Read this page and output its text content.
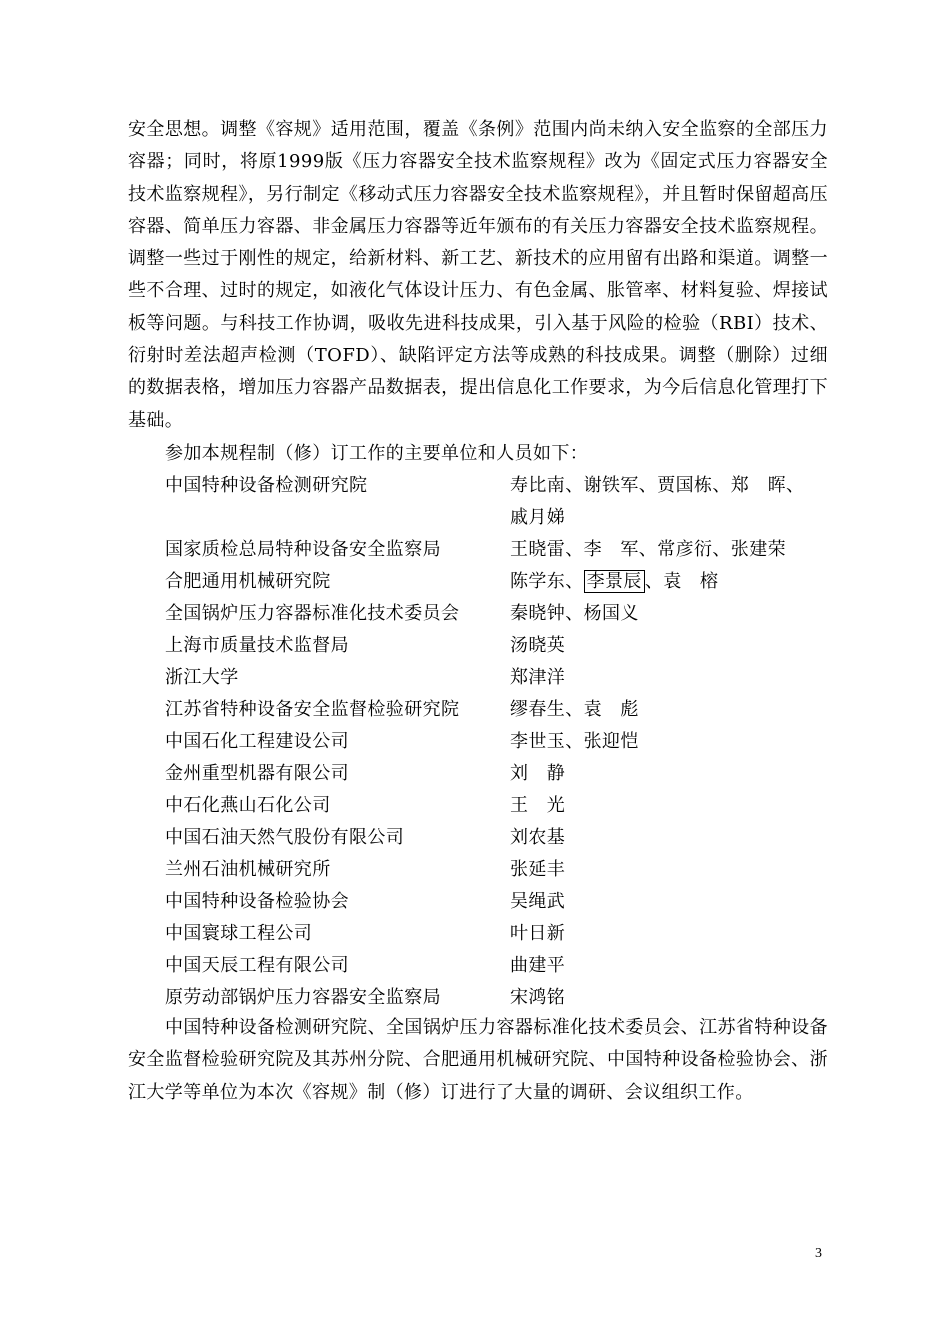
安全思想。调整《容规》适用范围，覆盖《条例》范围内尚未纳入安全监察的全部压力容器；同时，将原1999版《压力容器安全技术监察规程》改为《固定式压力容器安全技术监察规程》，另行制定《移动式压力容器安全技术监察规程》，并且暂时保留超高压容器、简单压力容器、非金属压力容器等近年颁布的有关压力容器安全技术监察规程。调整一些过于刚性的规定，给新材料、新工艺、新技术的应用留有出路和渠道。调整一些不合理、过时的规定，如液化气体设计压力、有色金属、胀管率、材料复验、焊接试板等问题。与科技工作协调，吸收先进科技成果，引入基于风险的检验（RBI）技术、衍射时差法超声检测（TOFD）、缺陷评定方法等成熟的科技成果。调整（删除）过细的数据表格，增加压力容器产品数据表，提出信息化工作要求，为今后信息化管理打下基础。

参加本规程制（修）订工作的主要单位和人员如下：

中国特种设备检测研究院	寿比南、谢铁军、贾国栋、郑　晖、戚月娣
国家质检总局特种设备安全监察局	王晓雷、李　军、常彦衍、张建荣
合肥通用机械研究院	陈学东、 李景辰 、袁　榕
全国锅炉压力容器标准化技术委员会	秦晓钟、杨国义
上海市质量技术监督局	汤晓英
浙江大学	郑津洋
江苏省特种设备安全监督检验研究院	缪春生、袁　彪
中国石化工程建设公司	李世玉、张迎恺
金州重型机器有限公司	刘　静
中石化燕山石化公司	王　光
中国石油天然气股份有限公司	刘农基
兰州石油机械研究所	张延丰
中国特种设备检验协会	吴绳武
中国寰球工程公司	叶日新
中国天辰工程有限公司	曲建平
原劳动部锅炉压力容器安全监察局	宋鸿铭

中国特种设备检测研究院、全国锅炉压力容器标准化技术委员会、江苏省特种设备安全监督检验研究院及其苏州分院、合肥通用机械研究院、中国特种设备检验协会、浙江大学等单位为本次《容规》制（修）订进行了大量的调研、会议组织工作。

3
